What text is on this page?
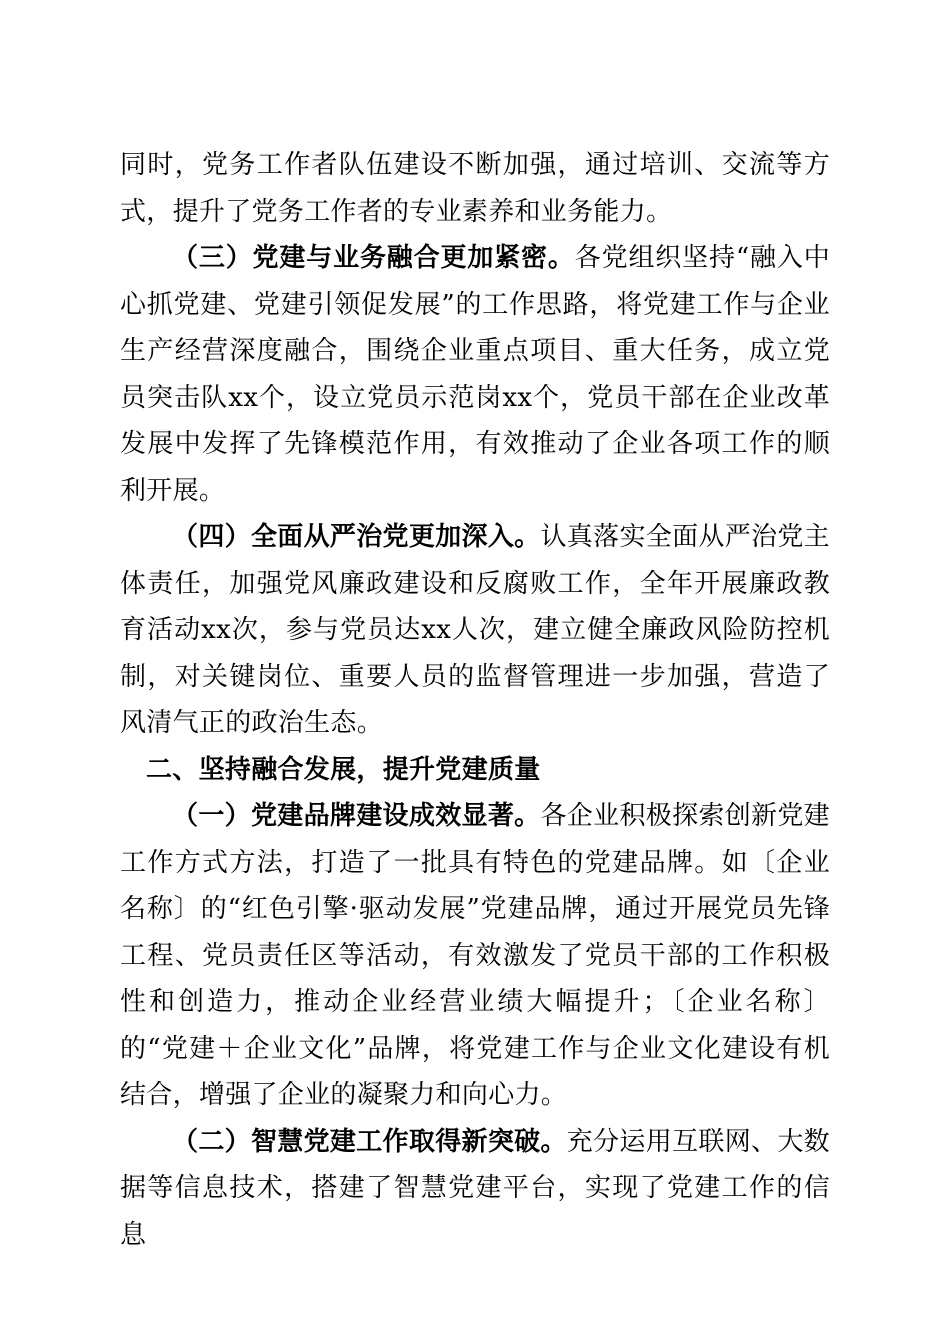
同时，党务工作者队伍建设不断加强，通过培训、交流等方式，提升了党务工作者的专业素养和业务能力。

（三）党建与业务融合更加紧密。各党组织坚持“融入中心抓党建、党建引领促发展”的工作思路，将党建工作与企业生产经营深度融合，围绕企业重点项目、重大任务，成立党员突击队xx个，设立党员示范岗xx个，党员干部在企业改革发展中发挥了先锋模范作用，有效推动了企业各项工作的顺利开展。

（四）全面从严治党更加深入。认真落实全面从严治党主体责任，加强党风廉政建设和反腐败工作，全年开展廉政教育活动xx次，参与党员达xx人次，建立健全廉政风险防控机制，对关键岗位、重要人员的监督管理进一步加强，营造了风清气正的政治生态。

二、坚持融合发展，提升党建质量

（一）党建品牌建设成效显著。各企业积极探索创新党建工作方式方法，打造了一批具有特色的党建品牌。如〔企业名称〕的“红色引擎·驱动发展”党建品牌，通过开展党员先锋工程、党员责任区等活动，有效激发了党员干部的工作积极性和创造力，推动企业经营业绩大幅提升；〔企业名称〕的“党建＋企业文化”品牌，将党建工作与企业文化建设有机结合，增强了企业的凝聚力和向心力。

（二）智慧党建工作取得新突破。充分运用互联网、大数据等信息技术，搭建了智慧党建平台，实现了党建工作的信息
